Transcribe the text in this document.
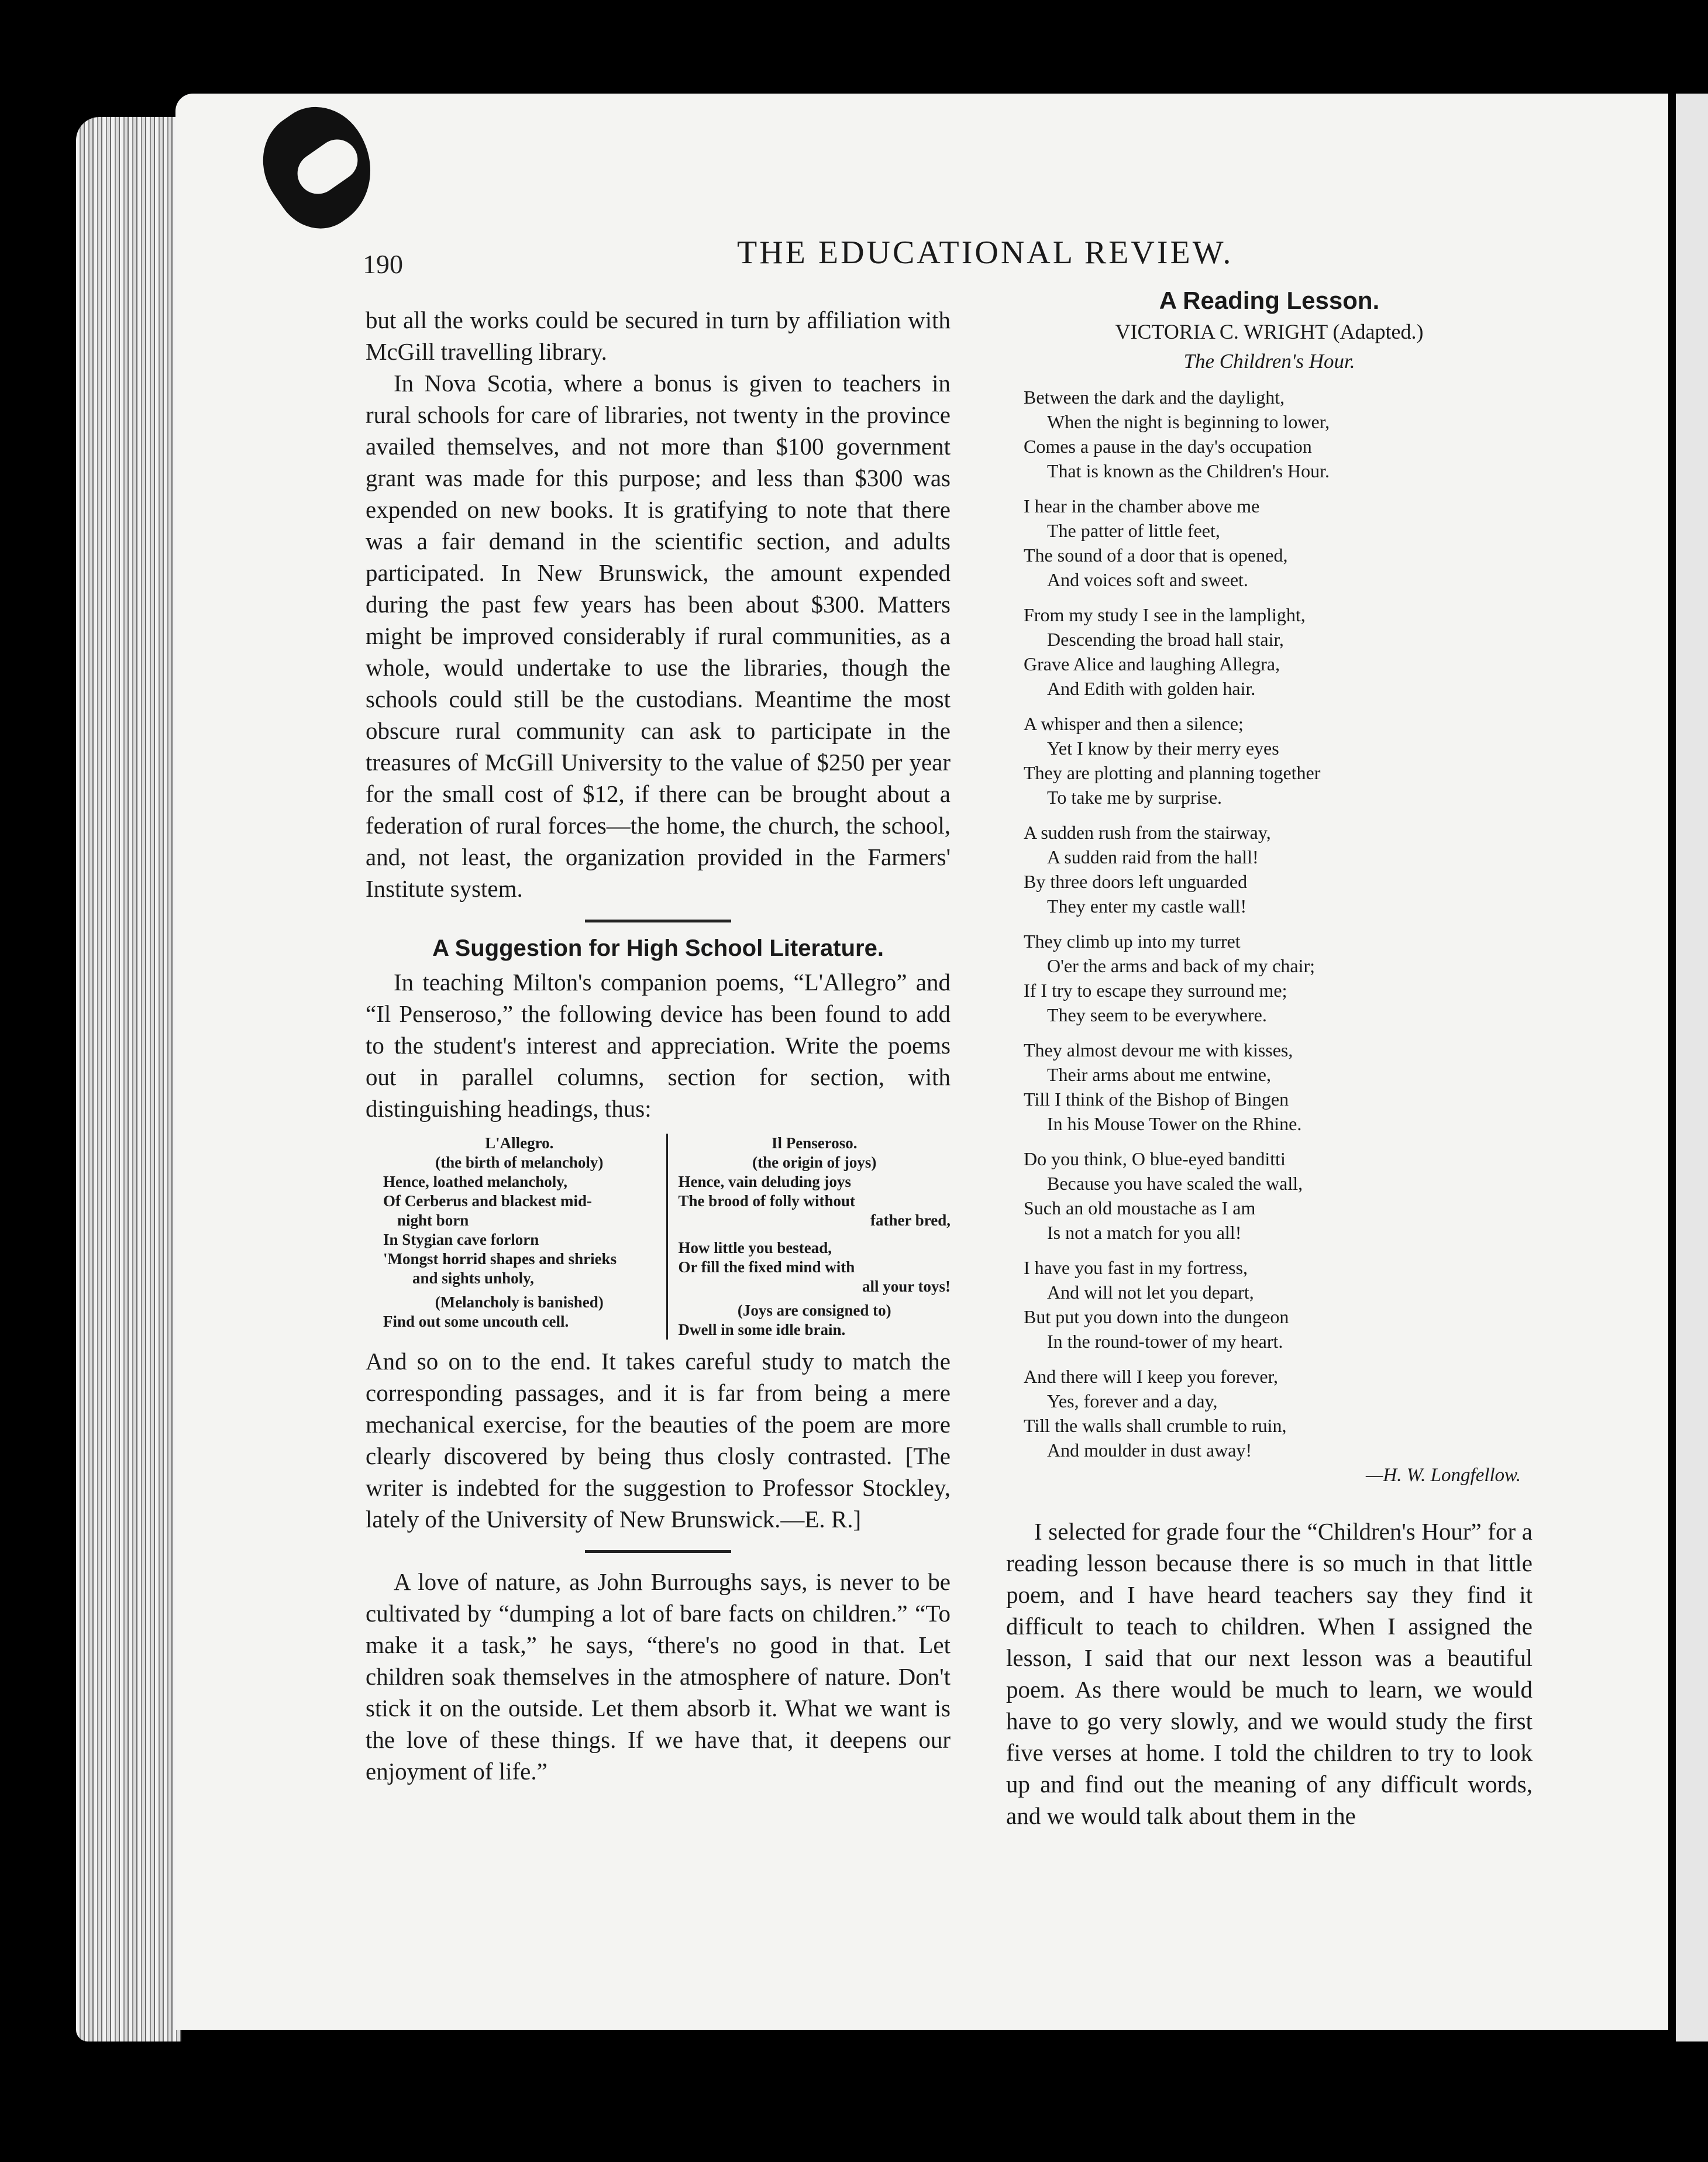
190	THE EDUCATIONAL REVIEW.

but all the works could be secured in turn by affiliation with McGill travelling library.

In Nova Scotia, where a bonus is given to teachers in rural schools for care of libraries, not twenty in the province availed themselves, and not more than $100 government grant was made for this purpose; and less than $300 was expended on new books. It is gratifying to note that there was a fair demand in the scientific section, and adults participated. In New Brunswick, the amount expended during the past few years has been about $300. Matters might be improved considerably if rural communities, as a whole, would undertake to use the libraries, though the schools could still be the custodians. Meantime the most obscure rural community can ask to participate in the treasures of McGill University to the value of $250 per year for the small cost of $12, if there can be brought about a federation of rural forces—the home, the church, the school, and, not least, the organization provided in the Farmers' Institute system.

A Suggestion for High School Literature.

In teaching Milton's companion poems, “L'Allegro” and “Il Penseroso,” the following device has been found to add to the student's interest and appreciation. Write the poems out in parallel columns, section for section, with distinguishing headings, thus:

L'Allegro.
(the birth of melancholy)
Hence, loathed melancholy,
Of Cerberus and blackest mid-
night born
In Stygian cave forlorn
'Mongst horrid shapes and shrieks
and sights unholy,
(Melancholy is banished)
Find out some uncouth cell.
Il Penseroso.
(the origin of joys)
Hence, vain deluding joys
The brood of folly without
father bred,
How little you bestead,
Or fill the fixed mind with
all your toys!
(Joys are consigned to)
Dwell in some idle brain.

And so on to the end. It takes careful study to match the corresponding passages, and it is far from being a mere mechanical exercise, for the beauties of the poem are more clearly discovered by being thus closly contrasted. [The writer is indebted for the suggestion to Professor Stockley, lately of the University of New Brunswick.—E. R.]

A love of nature, as John Burroughs says, is never to be cultivated by “dumping a lot of bare facts on children.” “To make it a task,” he says, “there's no good in that. Let children soak themselves in the atmosphere of nature. Don't stick it on the outside. Let them absorb it. What we want is the love of these things. If we have that, it deepens our enjoyment of life.”

A Reading Lesson.
VICTORIA C. WRIGHT (Adapted.)
The Children's Hour.
Between the dark and the daylight,
When the night is beginning to lower,
Comes a pause in the day's occupation
That is known as the Children's Hour.
I hear in the chamber above me
The patter of little feet,
The sound of a door that is opened,
And voices soft and sweet.
From my study I see in the lamplight,
Descending the broad hall stair,
Grave Alice and laughing Allegra,
And Edith with golden hair.
A whisper and then a silence;
Yet I know by their merry eyes
They are plotting and planning together
To take me by surprise.
A sudden rush from the stairway,
A sudden raid from the hall!
By three doors left unguarded
They enter my castle wall!
They climb up into my turret
O'er the arms and back of my chair;
If I try to escape they surround me;
They seem to be everywhere.
They almost devour me with kisses,
Their arms about me entwine,
Till I think of the Bishop of Bingen
In his Mouse Tower on the Rhine.
Do you think, O blue-eyed banditti
Because you have scaled the wall,
Such an old moustache as I am
Is not a match for you all!
I have you fast in my fortress,
And will not let you depart,
But put you down into the dungeon
In the round-tower of my heart.
And there will I keep you forever,
Yes, forever and a day,
Till the walls shall crumble to ruin,
And moulder in dust away!
—H. W. Longfellow.

I selected for grade four the “Children's Hour” for a reading lesson because there is so much in that little poem, and I have heard teachers say they find it difficult to teach to children. When I assigned the lesson, I said that our next lesson was a beautiful poem. As there would be much to learn, we would have to go very slowly, and we would study the first five verses at home. I told the children to try to look up and find out the meaning of any difficult words, and we would talk about them in the
